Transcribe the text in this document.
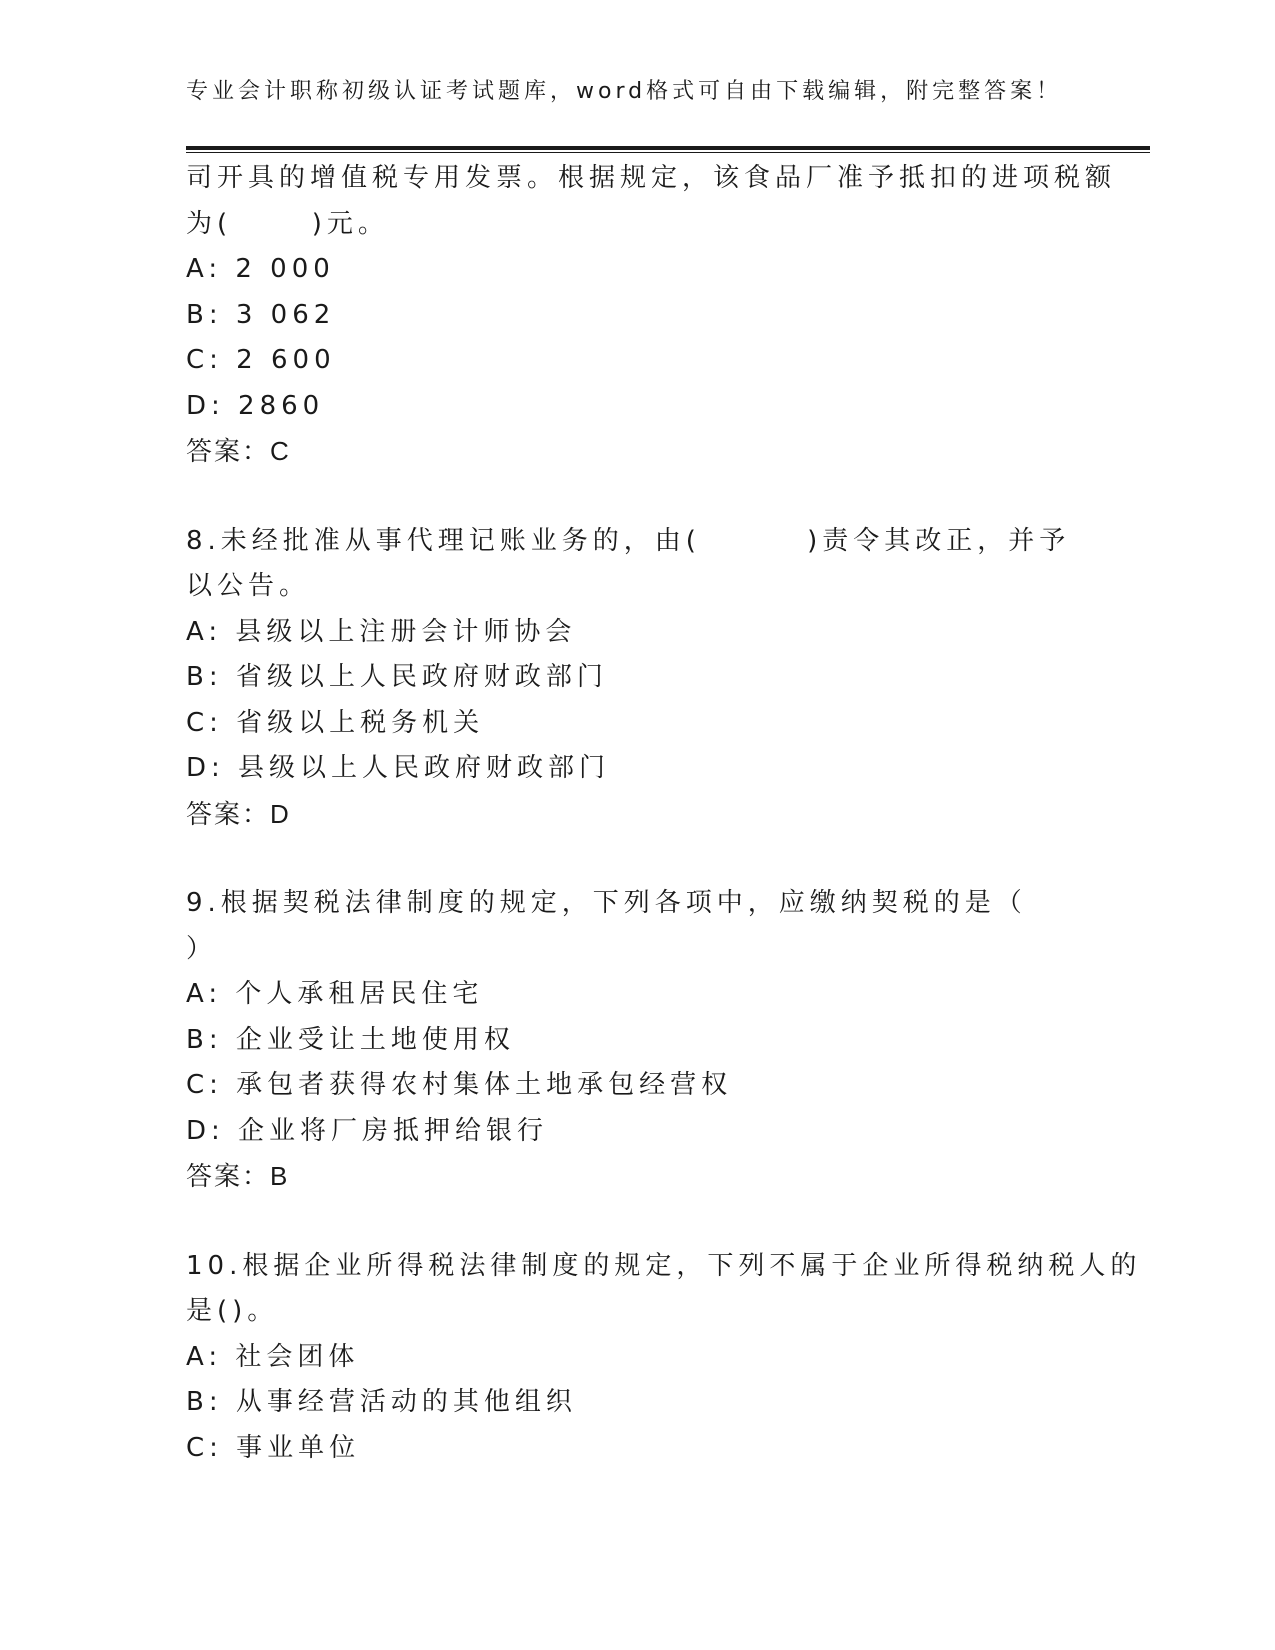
专业会计职称初级认证考试题库，word格式可自由下载编辑，附完整答案！
司开具的增值税专用发票。根据规定，该食品厂准予抵扣的进项税额
为(      )元。
A: 2 000
B: 3 062
C: 2 600
D: 2860
答案：C
8.未经批准从事代理记账业务的，由(        )责令其改正，并予
以公告。
A: 县级以上注册会计师协会
B: 省级以上人民政府财政部门
C: 省级以上税务机关
D: 县级以上人民政府财政部门
答案：D
9.根据契税法律制度的规定，下列各项中，应缴纳契税的是（
）
A: 个人承租居民住宅
B: 企业受让土地使用权
C: 承包者获得农村集体土地承包经营权
D: 企业将厂房抵押给银行
答案：B
10.根据企业所得税法律制度的规定，下列不属于企业所得税纳税人的
是()。
A: 社会团体
B: 从事经营活动的其他组织
C: 事业单位
